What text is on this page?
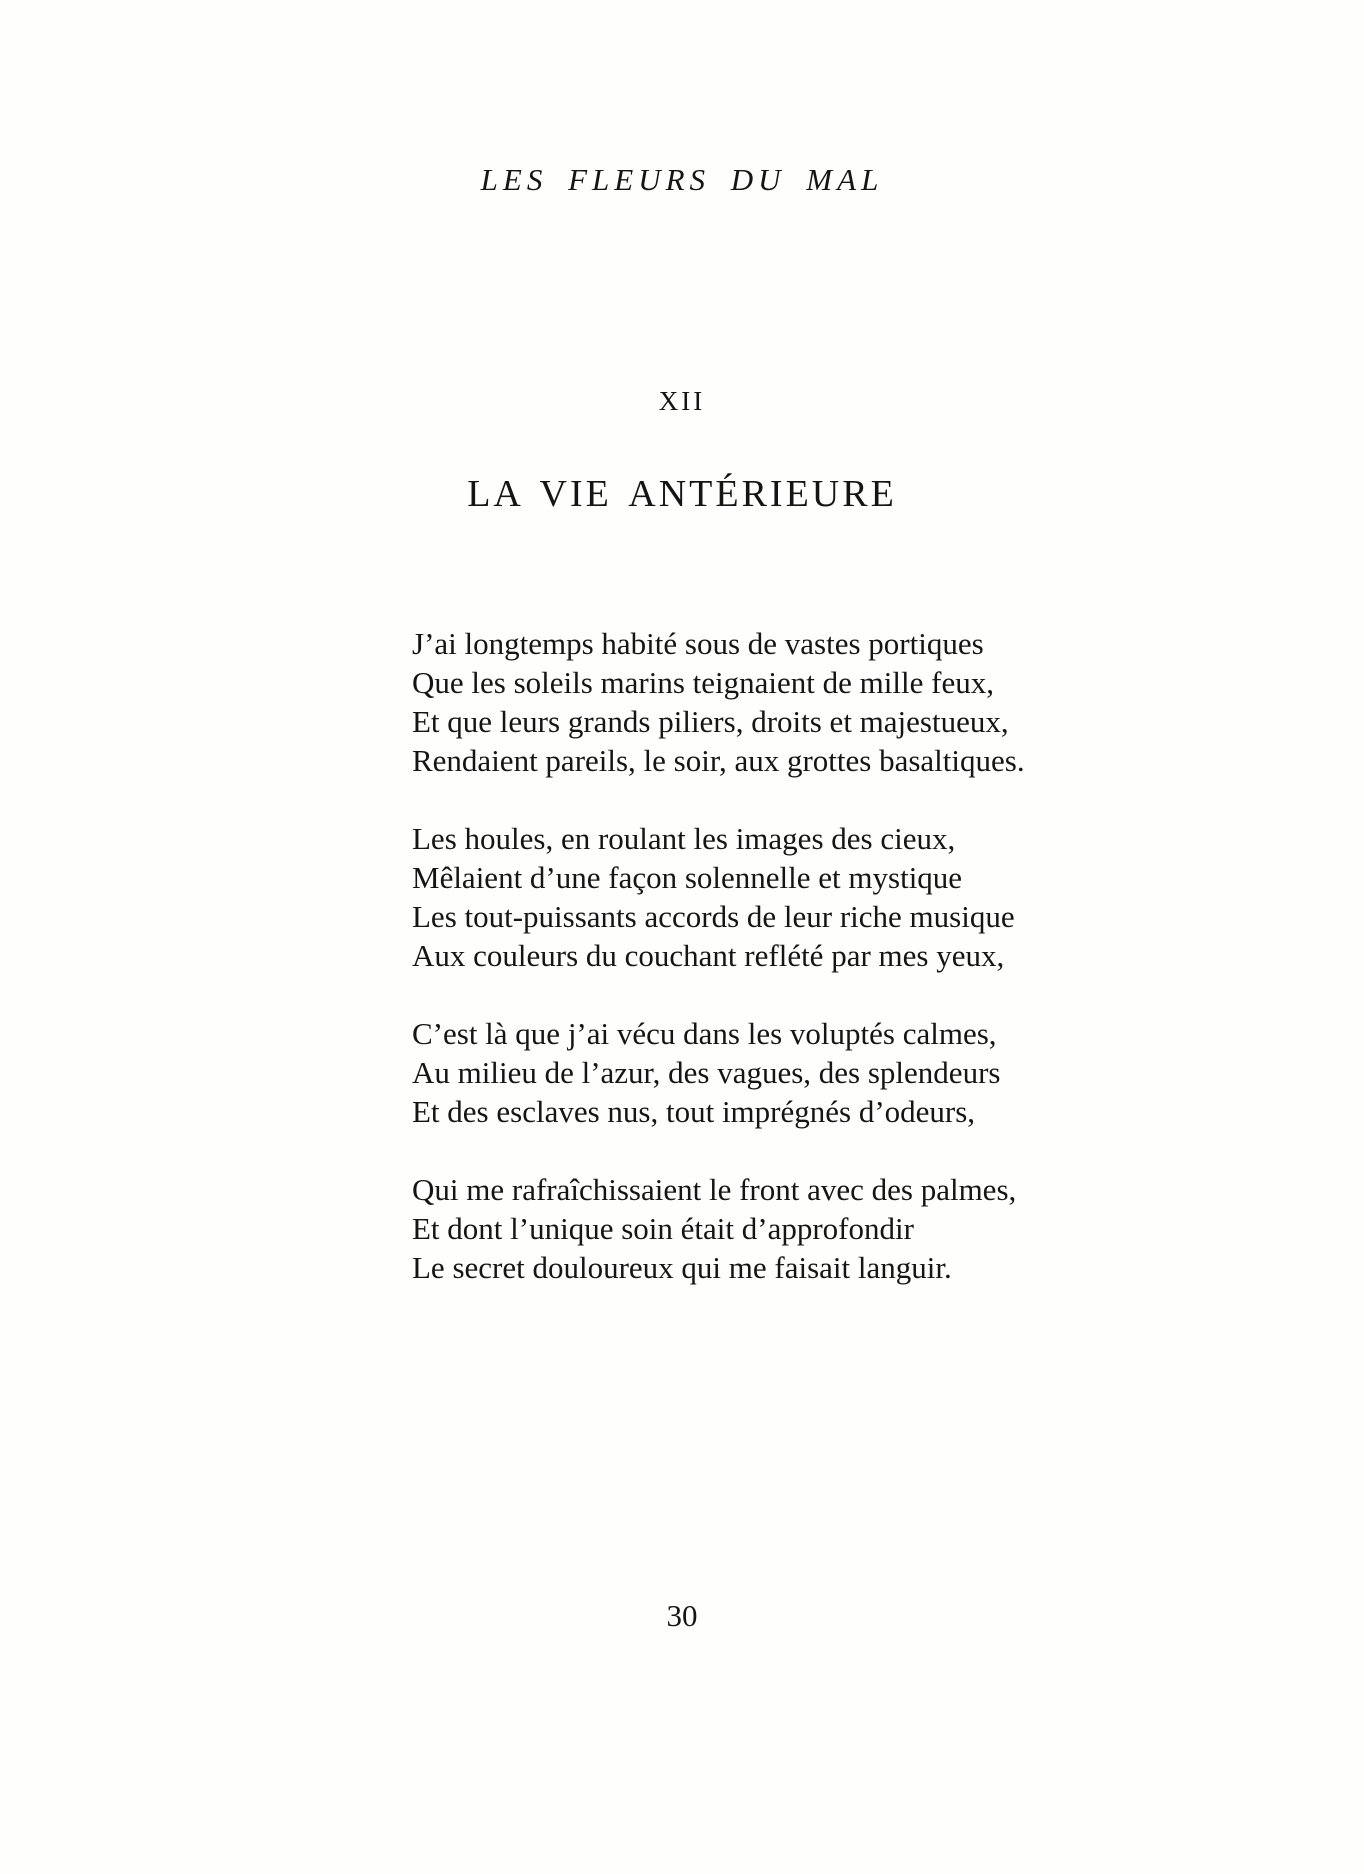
LES FLEURS DU MAL
XII
LA VIE ANTÉRIEURE
J’ai longtemps habité sous de vastes portiques
Que les soleils marins teignaient de mille feux,
Et que leurs grands piliers, droits et majestueux,
Rendaient pareils, le soir, aux grottes basaltiques.
Les houles, en roulant les images des cieux,
Mêlaient d’une façon solennelle et mystique
Les tout-puissants accords de leur riche musique
Aux couleurs du couchant reflété par mes yeux,
C’est là que j’ai vécu dans les voluptés calmes,
Au milieu de l’azur, des vagues, des splendeurs
Et des esclaves nus, tout imprégnés d’odeurs,
Qui me rafraîchissaient le front avec des palmes,
Et dont l’unique soin était d’approfondir
Le secret douloureux qui me faisait languir.
30
